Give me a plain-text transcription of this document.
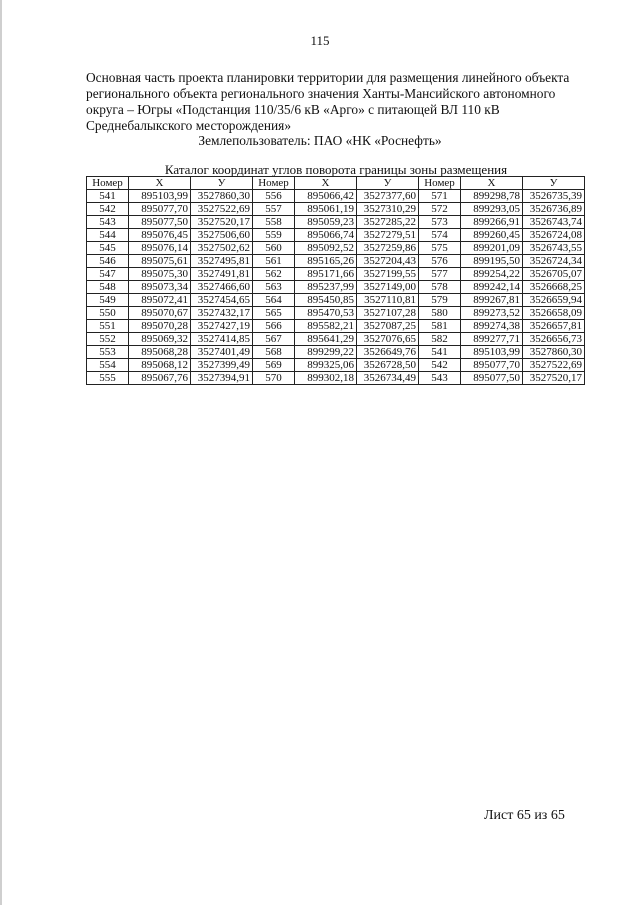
115
Основная часть проекта планировки территории для размещения линейного объекта
регионального объекта регионального значения Ханты-Мансийского автономного
округа – Югры «Подстанция 110/35/6 кВ «Арго» с питающей ВЛ 110 кВ
Среднебалыкского месторождения»
Землепользователь: ПАО «НК «Роснефть»
Каталог координат углов поворота границы зоны размещения
Номер	X	У	Номер	X	У	Номер	X	У
541	895103,99	3527860,30	556	895066,42	3527377,60	571	899298,78	3526735,39
542	895077,70	3527522,69	557	895061,19	3527310,29	572	899293,05	3526736,89
543	895077,50	3527520,17	558	895059,23	3527285,22	573	899266,91	3526743,74
544	895076,45	3527506,60	559	895066,74	3527279,51	574	899260,45	3526724,08
545	895076,14	3527502,62	560	895092,52	3527259,86	575	899201,09	3526743,55
546	895075,61	3527495,81	561	895165,26	3527204,43	576	899195,50	3526724,34
547	895075,30	3527491,81	562	895171,66	3527199,55	577	899254,22	3526705,07
548	895073,34	3527466,60	563	895237,99	3527149,00	578	899242,14	3526668,25
549	895072,41	3527454,65	564	895450,85	3527110,81	579	899267,81	3526659,94
550	895070,67	3527432,17	565	895470,53	3527107,28	580	899273,52	3526658,09
551	895070,28	3527427,19	566	895582,21	3527087,25	581	899274,38	3526657,81
552	895069,32	3527414,85	567	895641,29	3527076,65	582	899277,71	3526656,73
553	895068,28	3527401,49	568	899299,22	3526649,76	541	895103,99	3527860,30
554	895068,12	3527399,49	569	899325,06	3526728,50	542	895077,70	3527522,69
555	895067,76	3527394,91	570	899302,18	3526734,49	543	895077,50	3527520,17
Лист 65 из 65
